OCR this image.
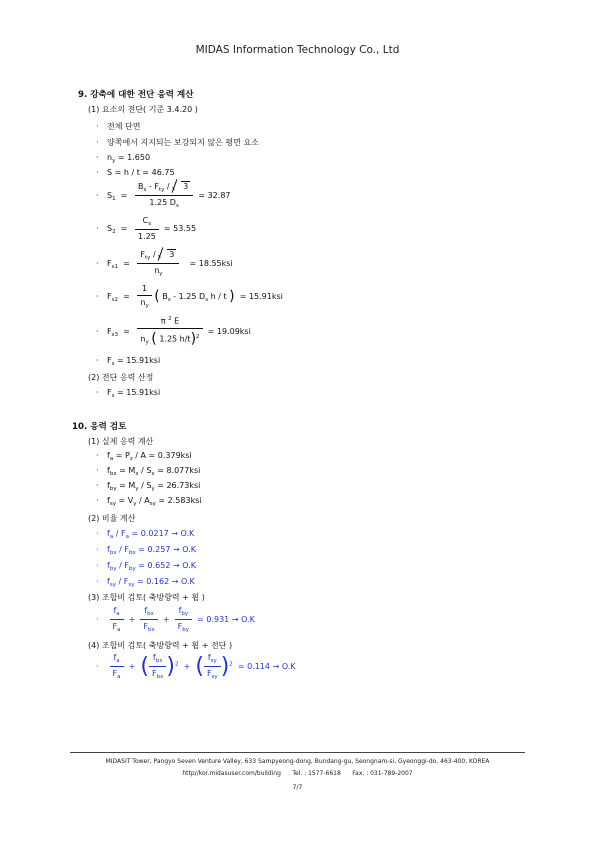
MIDAS Information Technology Co., Ltd
9. 강축에 대한 전단 응력 계산
(1) 요소의 전단( 기준 3.4.20 )
· 전체 단면
· 양쪽에서 지지되는 보강되지 않은 평면 요소
· $n_y = 1.650$
· S = h / t = 46.75
· $S_1 = \frac{B_s - F_{ty} / 3}{1.25 D_s} = 32.87$
· $S_2 = \frac{C_s}{1.25} = 53.55$
· $F_{s1} = \frac{F_{ty} / 3}{n_y} = 18.55ksi$
· $F_{s2} = \frac{1}{n_y}$ ( $B_s - 1.25$ $D_s$ h / t ) = 15.91ksi
· $F_{s3} = \frac{\pi ^2 E}{n_y ( 1.25 h/t)^2} = 19.09ksi$
· $F_s = 15.91ksi$
(2) 전단 응력 산정
· $F_s = 15.91ksi$
10. 응력 검토
(1) 실제 응력 계산
· $f_a = P_z / A = 0.379ksi$
· $f_{bx} = M_x / S_x = 8.077ksi$
· $f_{by} = M_y / S_y = 26.73ksi$
· $f_{sy} = V_y / A_{sy} = 2.583ksi$
(2) 비율 계산
· $f_a / F_a = 0.0217 \to O.K$
· $f_{bx} / F_{bx} = 0.257 \to O.K$
· $f_{by} / F_{by} = 0.652 \to O.K$
· $f_{sy} / F_{sy} = 0.162 \to O.K$
(3) 조합비 검토( 축방향력 + 휨 )
· $\frac{f_a}{F_a} + \frac{f_{bx}}{F_{bx}} + \frac{f_{by}}{F_{by}} = 0.931 \to O.K$
(4) 조합비 검토( 축방향력 + 휨 + 전단 )
· $\frac{f_a}{F_a}$ + ( $\frac{f_{bx}}{F_{bx}} )^2$ + ( $\frac{f_{sy}}{F_{sy}} )^2 = 0.114 \to O.K$
MIDASIT Tower, Pangyo Seven Venture Valley, 633 Sampyeong-dong, Bundang-gu, Seongnam-si, Gyeonggi-do, 463-400, KOREA
http//kor.midasuser.com/building      Tel. : 1577-6618      Fax. : 031-789-2007
7/7
